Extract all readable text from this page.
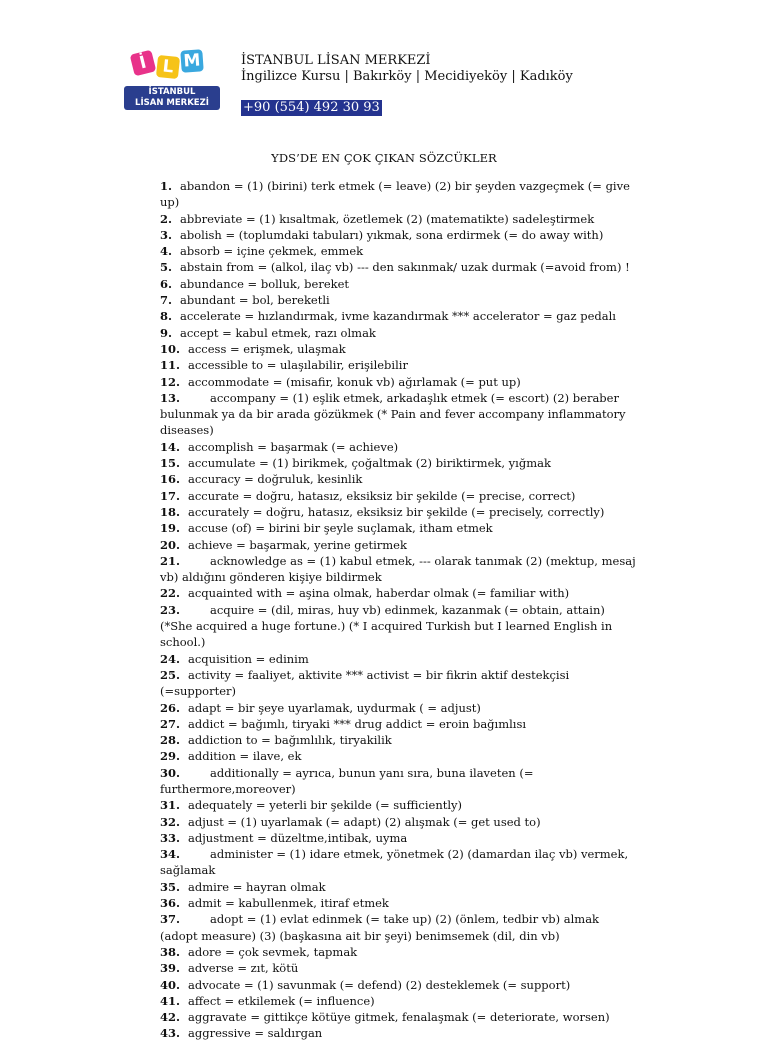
İ L M
İSTANBUL
LİSAN MERKEZİ
İSTANBUL LİSAN MERKEZİ
İngilizce Kursu | Bakırköy | Mecidiyeköy | Kadıköy
+90 (554) 492 30 93
YDS’DE EN ÇOK ÇIKAN SÖZCÜKLER
1. abandon = (1) (birini) terk etmek (= leave) (2) bir şeyden vazgeçmek (= give up)
2. abbreviate = (1) kısaltmak, özetlemek (2) (matematikte) sadeleştirmek
3. abolish = (toplumdaki tabuları) yıkmak, sona erdirmek (= do away with)
4. absorb = içine çekmek, emmek
5. abstain from = (alkol, ilaç vb) --- den sakınmak/ uzak durmak (=avoid from) !
6. abundance = bolluk, bereket
7. abundant = bol, bereketli
8. accelerate = hızlandırmak, ivme kazandırmak *** accelerator = gaz pedalı
9. accept = kabul etmek, razı olmak
10. access = erişmek, ulaşmak
11. accessible to = ulaşılabilir, erişilebilir
12. accommodate = (misafir, konuk vb) ağırlamak (= put up)
13.	accompany = (1) eşlik etmek, arkadaşlık etmek (= escort) (2) beraber bulunmak ya da bir arada gözükmek (* Pain and fever accompany inflammatory diseases)
14. accomplish = başarmak (= achieve)
15. accumulate = (1) birikmek, çoğaltmak (2) biriktirmek, yığmak
16. accuracy = doğruluk, kesinlik
17. accurate = doğru, hatasız, eksiksiz bir şekilde (= precise, correct)
18. accurately = doğru, hatasız, eksiksiz bir şekilde (= precisely, correctly)
19. accuse (of) = birini bir şeyle suçlamak, itham etmek
20. achieve = başarmak, yerine getirmek
21.	acknowledge as = (1) kabul etmek, --- olarak tanımak (2) (mektup, mesaj vb) aldığını gönderen kişiye bildirmek
22. acquainted with = aşina olmak, haberdar olmak (= familiar with)
23.	acquire = (dil, miras, huy vb) edinmek, kazanmak (= obtain, attain) (*She acquired a huge fortune.) (* I acquired Turkish but I learned English in school.)
24. acquisition = edinim
25. activity = faaliyet, aktivite *** activist = bir fikrin aktif destekçisi (=supporter)
26. adapt = bir şeye uyarlamak, uydurmak ( = adjust)
27. addict = bağımlı, tiryaki *** drug addict = eroin bağımlısı
28. addiction to = bağımlılık, tiryakilik
29. addition = ilave, ek
30.	additionally = ayrıca, bunun yanı sıra, buna ilaveten (= furthermore,moreover)
31. adequately = yeterli bir şekilde (= sufficiently)
32. adjust = (1) uyarlamak (= adapt) (2) alışmak (= get used to)
33. adjustment = düzeltme,intibak, uyma
34.	administer = (1) idare etmek, yönetmek (2) (damardan ilaç vb) vermek, sağlamak
35. admire = hayran olmak
36. admit = kabullenmek, itiraf etmek
37.	adopt = (1) evlat edinmek (= take up) (2) (önlem, tedbir vb) almak (adopt measure) (3) (başkasına ait bir şeyi) benimsemek (dil, din vb)
38. adore = çok sevmek, tapmak
39. adverse = zıt, kötü
40. advocate = (1) savunmak (= defend) (2) desteklemek (= support)
41. affect = etkilemek (= influence)
42. aggravate = gittikçe kötüye gitmek, fenalaşmak (= deteriorate, worsen)
43. aggressive = saldırgan
